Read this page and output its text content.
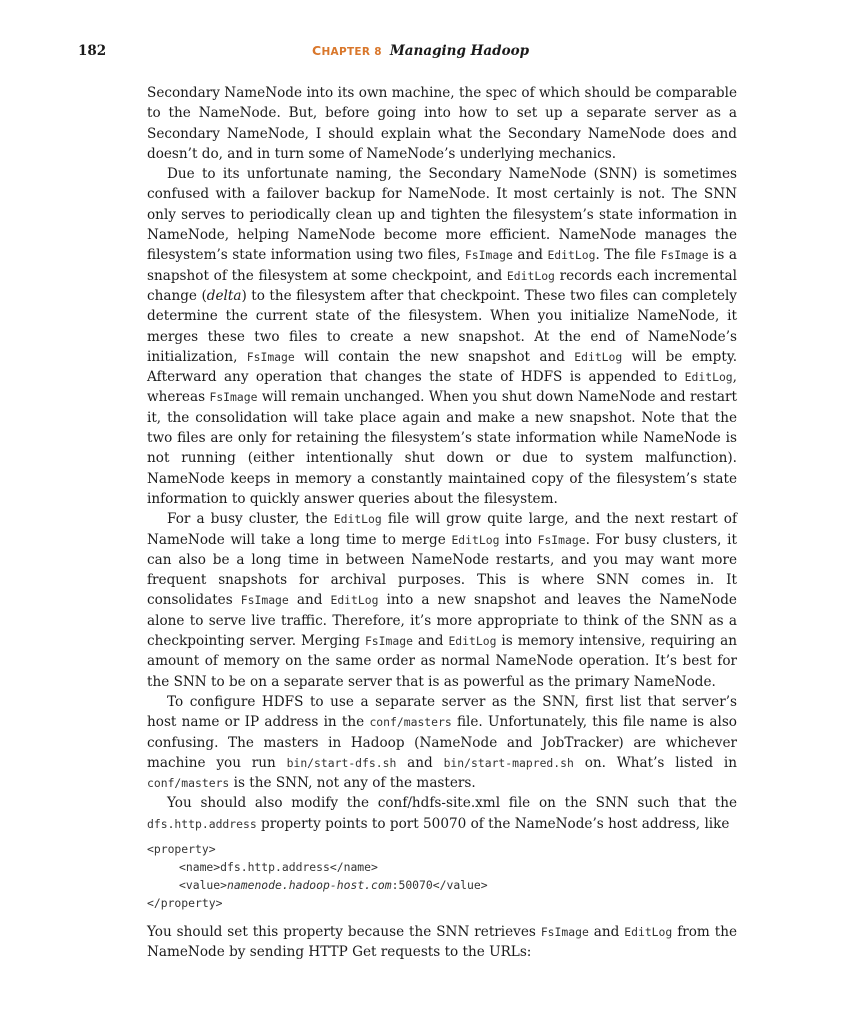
182	CHAPTER 8 Managing Hadoop

Secondary NameNode into its own machine, the spec of which should be comparable to the NameNode. But, before going into how to set up a separate server as a Secondary NameNode, I should explain what the Secondary NameNode does and doesn’t do, and in turn some of NameNode’s underlying mechanics.

Due to its unfortunate naming, the Secondary NameNode (SNN) is sometimes confused with a failover backup for NameNode. It most certainly is not. The SNN only serves to periodically clean up and tighten the filesystem’s state information in NameNode, helping NameNode become more efficient. NameNode manages the filesystem’s state information using two files, FsImage and EditLog. The file FsImage is a snapshot of the filesystem at some checkpoint, and EditLog records each incremental change (delta) to the filesystem after that checkpoint. These two files can completely determine the current state of the filesystem. When you initialize NameNode, it merges these two files to create a new snapshot. At the end of NameNode’s initialization, FsImage will contain the new snapshot and EditLog will be empty. Afterward any operation that changes the state of HDFS is appended to EditLog, whereas FsImage will remain unchanged. When you shut down NameNode and restart it, the consolidation will take place again and make a new snapshot. Note that the two files are only for retaining the filesystem’s state information while NameNode is not running (either intentionally shut down or due to system malfunction). NameNode keeps in memory a constantly maintained copy of the filesystem’s state information to quickly answer queries about the filesystem.

For a busy cluster, the EditLog file will grow quite large, and the next restart of NameNode will take a long time to merge EditLog into FsImage. For busy clusters, it can also be a long time in between NameNode restarts, and you may want more frequent snapshots for archival purposes. This is where SNN comes in. It consolidates FsImage and EditLog into a new snapshot and leaves the NameNode alone to serve live traffic. Therefore, it’s more appropriate to think of the SNN as a checkpointing server. Merging FsImage and EditLog is memory intensive, requiring an amount of memory on the same order as normal NameNode operation. It’s best for the SNN to be on a separate server that is as powerful as the primary NameNode.

To configure HDFS to use a separate server as the SNN, first list that server’s host name or IP address in the conf/masters file. Unfortunately, this file name is also confusing. The masters in Hadoop (NameNode and JobTracker) are whichever machine you run bin/start-dfs.sh and bin/start-mapred.sh on. What’s listed in conf/masters is the SNN, not any of the masters.

You should also modify the conf/hdfs-site.xml file on the SNN such that the dfs.http.address property points to port 50070 of the NameNode’s host address, like

<property>
<name>dfs.http.address</name>
<value>namenode.hadoop-host.com:50070</value>
</property>

You should set this property because the SNN retrieves FsImage and EditLog from the NameNode by sending HTTP Get requests to the URLs:
